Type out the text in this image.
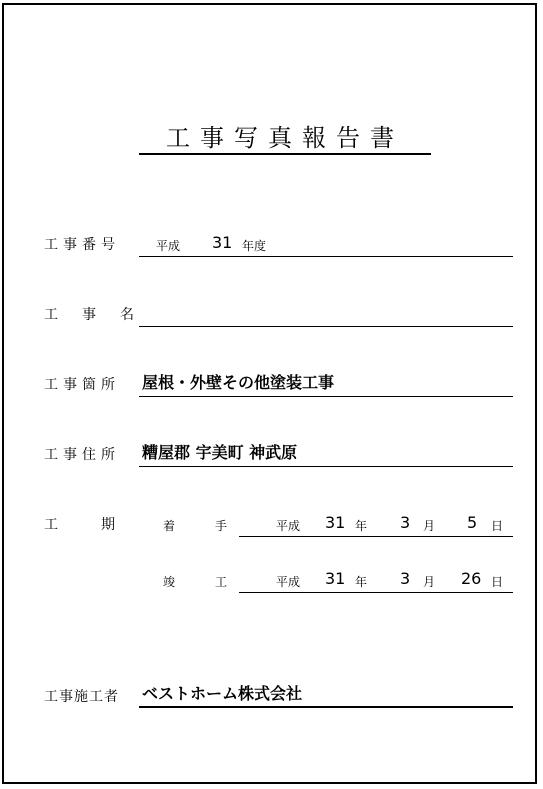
工事写真報告書
工事番号	平成 31 年度
工　事　名
工事箇所 屋根・外壁その他塗装工事
工事住所 糟屋郡 宇美町 神武原
工　　期	着　手	平成 31 年 3 月 5 日
竣　工	平成 31 年 3 月 26 日
工事施工者 ベストホーム株式会社
